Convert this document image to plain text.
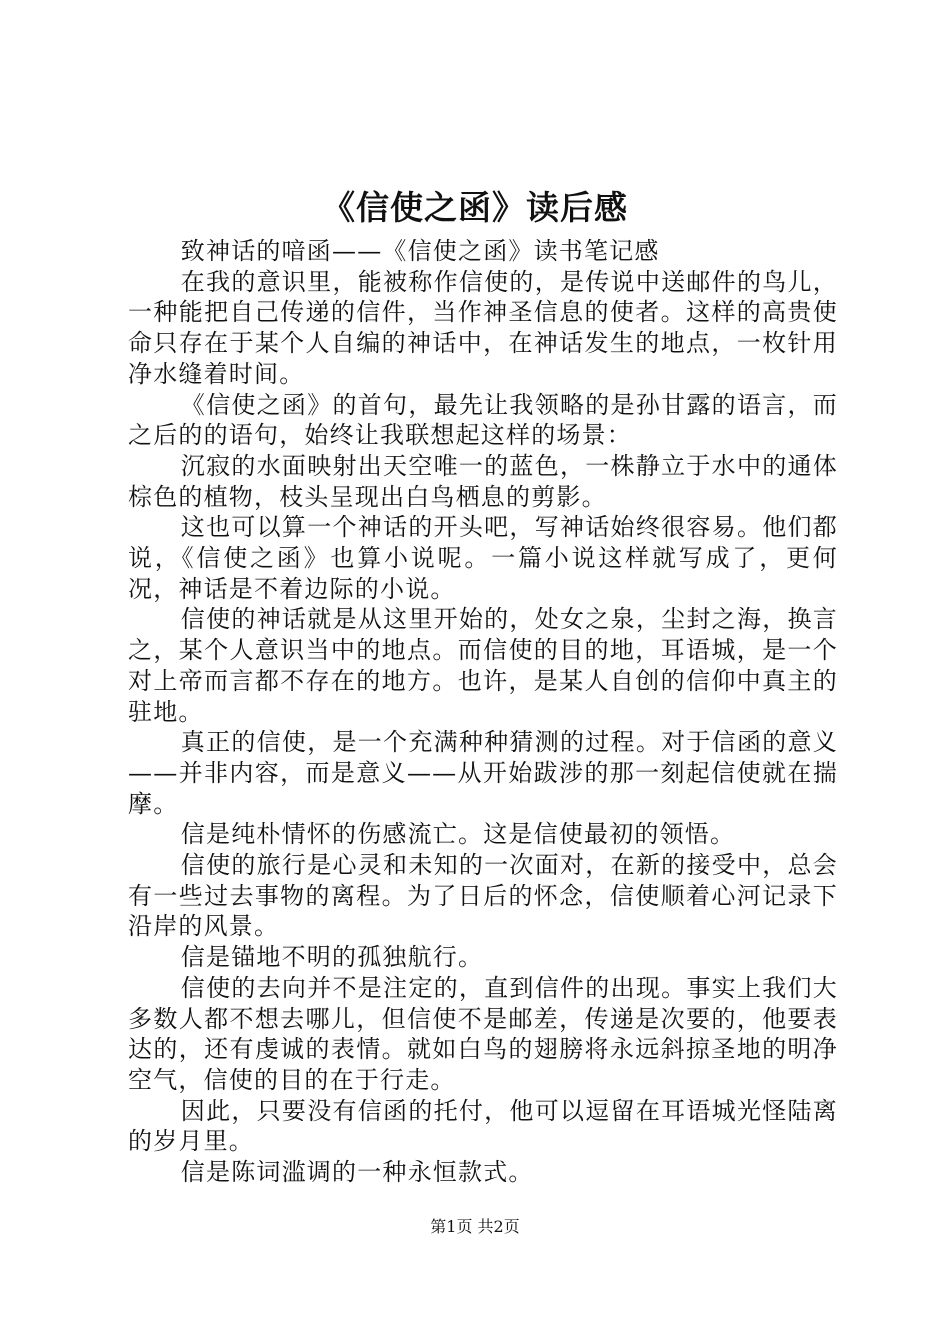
《信使之函》读后感

致神话的喑函——《信使之函》读书笔记感

在我的意识里，能被称作信使的，是传说中送邮件的鸟儿，一种能把自己传递的信件，当作神圣信息的使者。这样的高贵使命只存在于某个人自编的神话中，在神话发生的地点，一枚针用净水缝着时间。

《信使之函》的首句，最先让我领略的是孙甘露的语言，而之后的的语句，始终让我联想起这样的场景：

沉寂的水面映射出天空唯一的蓝色，一株静立于水中的通体棕色的植物，枝头呈现出白鸟栖息的剪影。

这也可以算一个神话的开头吧，写神话始终很容易。他们都说，《信使之函》也算小说呢。一篇小说这样就写成了，更何况，神话是不着边际的小说。

信使的神话就是从这里开始的，处女之泉，尘封之海，换言之，某个人意识当中的地点。而信使的目的地，耳语城，是一个对上帝而言都不存在的地方。也许，是某人自创的信仰中真主的驻地。

真正的信使，是一个充满种种猜测的过程。对于信函的意义——并非内容，而是意义——从开始跋涉的那一刻起信使就在揣摩。

信是纯朴情怀的伤感流亡。这是信使最初的领悟。

信使的旅行是心灵和未知的一次面对，在新的接受中，总会有一些过去事物的离程。为了日后的怀念，信使顺着心河记录下沿岸的风景。

信是锚地不明的孤独航行。

信使的去向并不是注定的，直到信件的出现。事实上我们大多数人都不想去哪儿，但信使不是邮差，传递是次要的，他要表达的，还有虔诚的表情。就如白鸟的翅膀将永远斜掠圣地的明净空气，信使的目的在于行走。

因此，只要没有信函的托付，他可以逗留在耳语城光怪陆离的岁月里。

信是陈词滥调的一种永恒款式。

第1页 共2页
